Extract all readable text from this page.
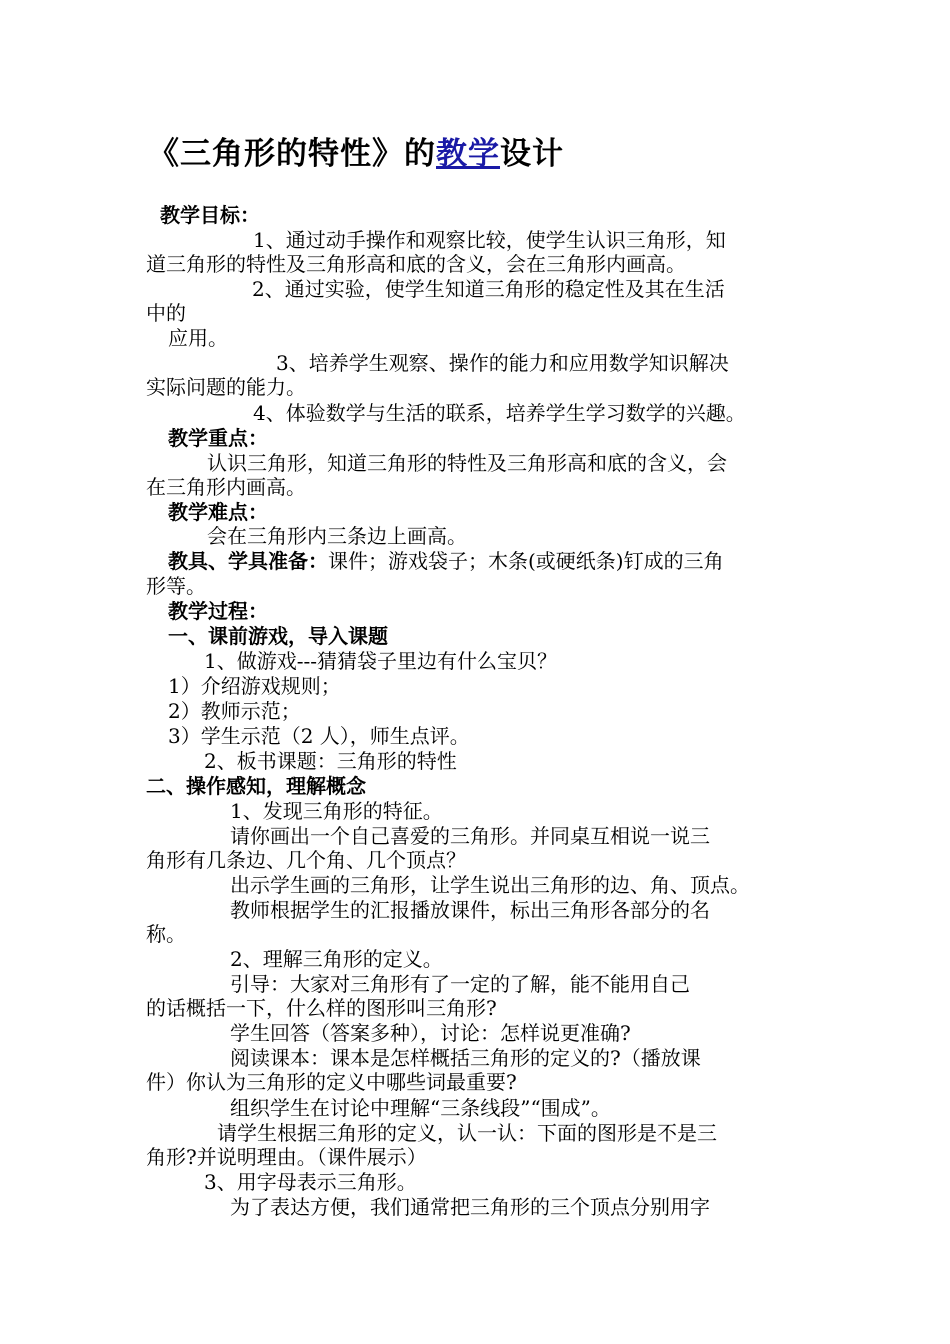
《三角形的特性》的教学设计
教学目标：
1、通过动手操作和观察比较，使学生认识三角形，知
道三角形的特性及三角形高和底的含义，会在三角形内画高。
2、通过实验，使学生知道三角形的稳定性及其在生活
中的
应用。
3、培养学生观察、操作的能力和应用数学知识解决
实际问题的能力。
4、体验数学与生活的联系，培养学生学习数学的兴趣。
教学重点：
认识三角形，知道三角形的特性及三角形高和底的含义，会
在三角形内画高。
教学难点：
会在三角形内三条边上画高。
教具、学具准备：课件；游戏袋子；木条(或硬纸条)钉成的三角
形等。
教学过程：
一、课前游戏，导入课题
1、做游戏---猜猜袋子里边有什么宝贝？
1）介绍游戏规则；
2）教师示范；
3）学生示范（2 人），师生点评。
2、板书课题：三角形的特性
二、操作感知，理解概念
1、发现三角形的特征。
请你画出一个自己喜爱的三角形。并同桌互相说一说三
角形有几条边、几个角、几个顶点？
出示学生画的三角形，让学生说出三角形的边、角、顶点。
教师根据学生的汇报播放课件，标出三角形各部分的名
称。
2、理解三角形的定义。
引导：大家对三角形有了一定的了解，能不能用自己
的话概括一下，什么样的图形叫三角形?
学生回答（答案多种），讨论：怎样说更准确?
阅读课本：课本是怎样概括三角形的定义的?（播放课
件）你认为三角形的定义中哪些词最重要?
组织学生在讨论中理解“三条线段”“围成”。
请学生根据三角形的定义，认一认：下面的图形是不是三
角形?并说明理由。（课件展示）
3、用字母表示三角形。
为了表达方便，我们通常把三角形的三个顶点分别用字
